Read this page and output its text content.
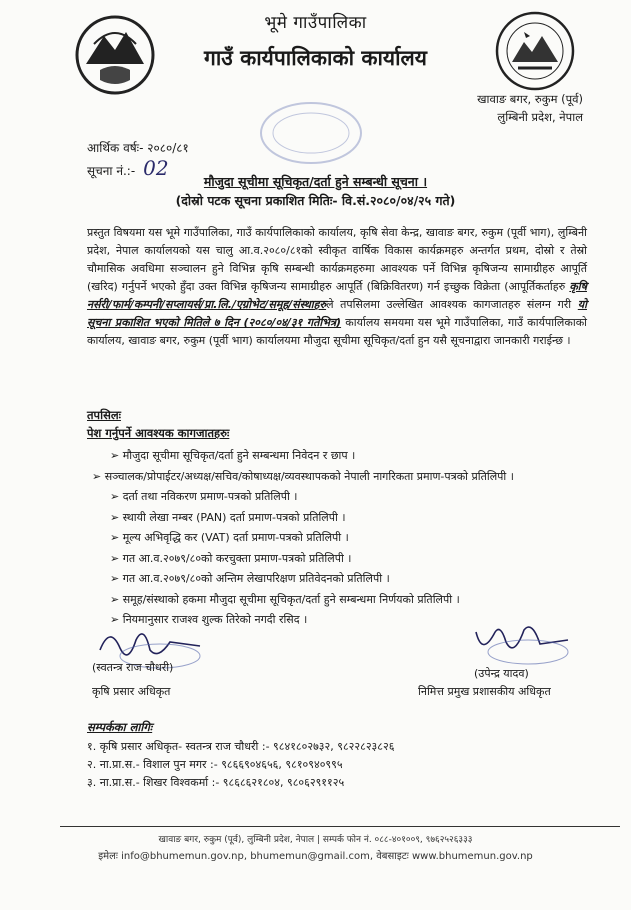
भूमे गाउँपालिका
गाउँ कार्यपालिकाको कार्यालय
खावाङ बगर, रुकुम (पूर्व)
लुम्बिनी प्रदेश, नेपाल
आर्थिक वर्षः- २०८०/८१
सूचना नं.:- 02
मौजुदा सूचीमा सूचिकृत/दर्ता हुने सम्बन्धी सूचना ।
(दोस्रो पटक सूचना प्रकाशित मितिः- वि.सं.२०८०/०४/२५ गते)
प्रस्तुत विषयमा यस भूमे गाउँपालिका, गाउँ कार्यपालिकाको कार्यालय, कृषि सेवा केन्द्र, खावाङ बगर, रुकुम (पूर्वी भाग), लुम्बिनी प्रदेश, नेपाल कार्यालयको यस चालु आ.व.२०८०/८१को स्वीकृत वार्षिक विकास कार्यक्रमहरु अन्तर्गत प्रथम, दोस्रो र तेस्रो चौमासिक अवधिमा सञ्चालन हुने विभिन्न कृषि सम्बन्धी कार्यक्रमहरुमा आवश्यक पर्ने विभिन्न कृषिजन्य सामाग्रीहरु आपूर्ति (खरिद) गर्नुपर्ने भएकोे हुँदा उक्त विभिन्न कृषिजन्य सामाग्रीहरु आपूर्ति (बिक्रिवितरण) गर्न इच्छुक विक्रेता (आपूर्तिकर्ताहरु कृषि नर्सरी/फार्म/कम्पनी/सप्लायर्स/प्रा.लि./एग्रोभेट/समूह/संस्थाहरुले तपसिलमा उल्लेखित आवश्यक कागजातहरु संलग्न गरी यो सूचना प्रकाशित भएको मितिले ७ दिन (२०८०/०४/३१ गतेभित्र) कार्यालय समयमा यस भूमे गाउँपालिका, गाउँ कार्यपालिकाको कार्यालय, खावाङ बगर, रुकुम (पूर्वी भाग) कार्यालयमा मौजुदा सूचीमा सूचिकृत/दर्ता हुन यसै सूचनाद्वारा जानकारी गराईन्छ ।
तपसिलः
पेश गर्नुपर्ने आवश्यक कागजातहरुः
➢ मौजुदा सूचीमा सूचिकृत/दर्ता हुने सम्बन्धमा निवेदन र छाप ।
➢ सञ्चालक/प्रोपाईटर/अध्यक्ष/सचिव/कोषाध्यक्ष/व्यवस्थापकको नेपाली नागरिकता प्रमाण-पत्रको प्रतिलिपी ।
➢ दर्ता तथा नविकरण प्रमाण-पत्रको प्रतिलिपी ।
➢ स्थायी लेखा नम्बर (PAN) दर्ता प्रमाण-पत्रको प्रतिलिपी ।
➢ मूल्य अभिवृद्धि कर (VAT) दर्ता प्रमाण-पत्रको प्रतिलिपी ।
➢ गत आ.व.२०७९/८०को करचुक्ता प्रमाण-पत्रको प्रतिलिपी ।
➢ गत आ.व.२०७९/८०को अन्तिम लेखापरिक्षण प्रतिवेदनको प्रतिलिपी ।
➢ समूह/संस्थाको हकमा मौजुदा सूचीमा सूचिकृत/दर्ता हुने सम्बन्धमा निर्णयको प्रतिलिपी ।
➢ नियमानुसार राजश्व शुल्क तिरेको नगदी रसिद ।
(स्वतन्त्र राज चौधरी)
कृषि प्रसार अधिकृत
(उपेन्द्र यादव)
निमित्त प्रमुख प्रशासकीय अधिकृत
सम्पर्कका लागिः
१. कृषि प्रसार अधिकृत- स्वतन्त्र राज चौधरी :- ९८४१८०२७३२, ९८२२८२३८२६
२. ना.प्रा.स.- विशाल पुन मगर :- ९८६६९०४६५६, ९८१०९४०९९५
३. ना.प्रा.स.- शिखर विश्वकर्मा :- ९८६८६२१८०४, ९८०६२९११२५
खावाङ बगर, रुकुम (पूर्व), लुम्बिनी प्रदेश, नेपाल | सम्पर्क फोन नं. ०८८-४०१००९, ९७६२५२६३३३
इमेलः info@bhumemun.gov.np, bhumemun@gmail.com, वेबसाइटः www.bhumemun.gov.np
